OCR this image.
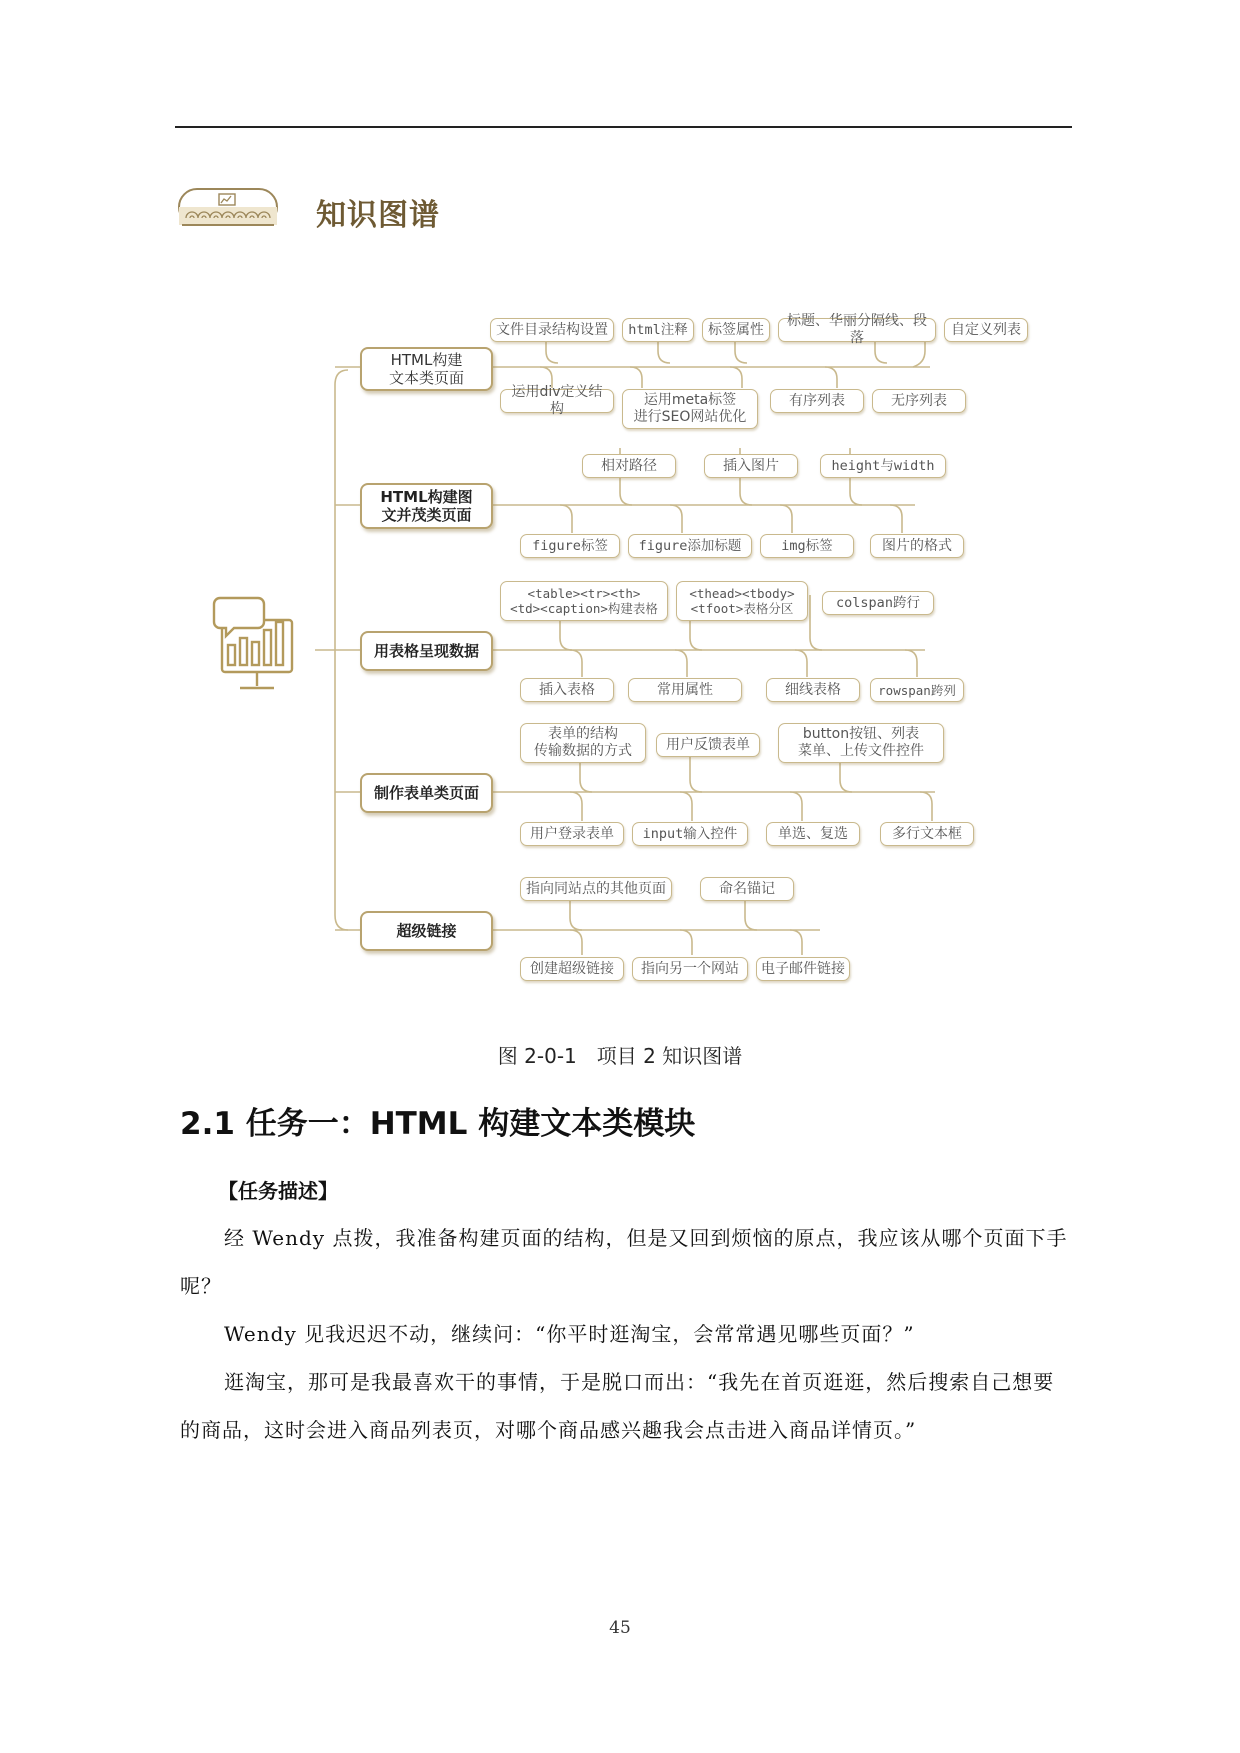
知识图谱
HTML构建
文本类页面
HTML构建图
文并茂类页面
用表格呈现数据
制作表单类页面
超级链接
文件目录结构设置	html注释	标签属性
标题、华丽分隔线、段落
自定义列表
运用div定义结构
运用meta标签
进行SEO网站优化
有序列表	无序列表
相对路径	插入图片	height与width
figure标签	figure添加标题	img标签	图片的格式
<table><tr><th>
<td><caption>构建表格
<thead><tbody>
<tfoot>表格分区	colspan跨行
插入表格	常用属性	细线表格	rowspan跨列
表单的结构
传输数据的方式	用户反馈表单
button按钮、列表
菜单、上传文件控件
用户登录表单	input输入控件	单选、复选	多行文本框
指向同站点的其他页面	命名锚记
创建超级链接	指向另一个网站	电子邮件链接
图 2-0-1　项目 2 知识图谱
2.1 任务一：HTML 构建文本类模块
【任务描述】
经 Wendy 点拨，我准备构建页面的结构，但是又回到烦恼的原点，我应该从哪个页面下手呢？
Wendy 见我迟迟不动，继续问：“你平时逛淘宝，会常常遇见哪些页面？”
逛淘宝，那可是我最喜欢干的事情，于是脱口而出：“我先在首页逛逛，然后搜索自己想要的商品，这时会进入商品列表页，对哪个商品感兴趣我会点击进入商品详情页。”
45
